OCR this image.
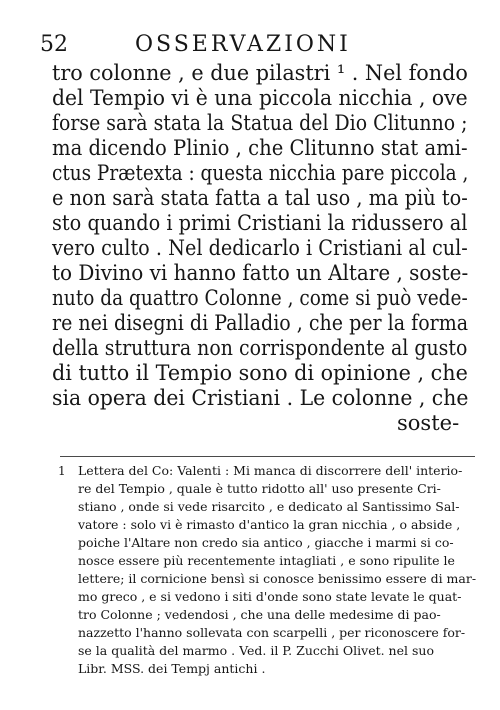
52	OSSERVAZIONI
tro colonne , e due pilastri ¹ . Nel fondo
del Tempio vi è una piccola nicchia , ove
forse sarà stata la Statua del Dio Clitunno ;
ma dicendo Plinio , che Clitunno stat ami-
ctus Prætexta : questa nicchia pare piccola ,
e non sarà stata fatta a tal uso , ma più to-
sto quando i primi Cristiani la ridussero al
vero culto . Nel dedicarlo i Cristiani al cul-
to Divino vi hanno fatto un Altare , soste-
nuto da quattro Colonne , come si può vede-
re nei disegni di Palladio , che per la forma
della struttura non corrispondente al gusto
di tutto il Tempio sono di opinione , che
sia opera dei Cristiani . Le colonne , che
soste-
1 Lettera del Co: Valenti : Mi manca di discorrere dell' interio-
re del Tempio , quale è tutto ridotto all' uso presente Cri-
stiano , onde si vede risarcito , e dedicato al Santissimo Sal-
vatore : solo vi è rimasto d'antico la gran nicchia , o abside ,
poiche l'Altare non credo sia antico , giacche i marmi si co-
nosce essere più recentemente intagliati , e sono ripulite le
lettere; il cornicione bensì si conosce benissimo essere di mar-
mo greco , e si vedono i siti d'onde sono state levate le quat-
tro Colonne ; vedendosi , che una delle medesime di pao-
nazzetto l'hanno sollevata con scarpelli , per riconoscere for-
se la qualità del marmo . Ved. il P. Zucchi Olivet. nel suo
Libr. MSS. dei Tempj antichi .
